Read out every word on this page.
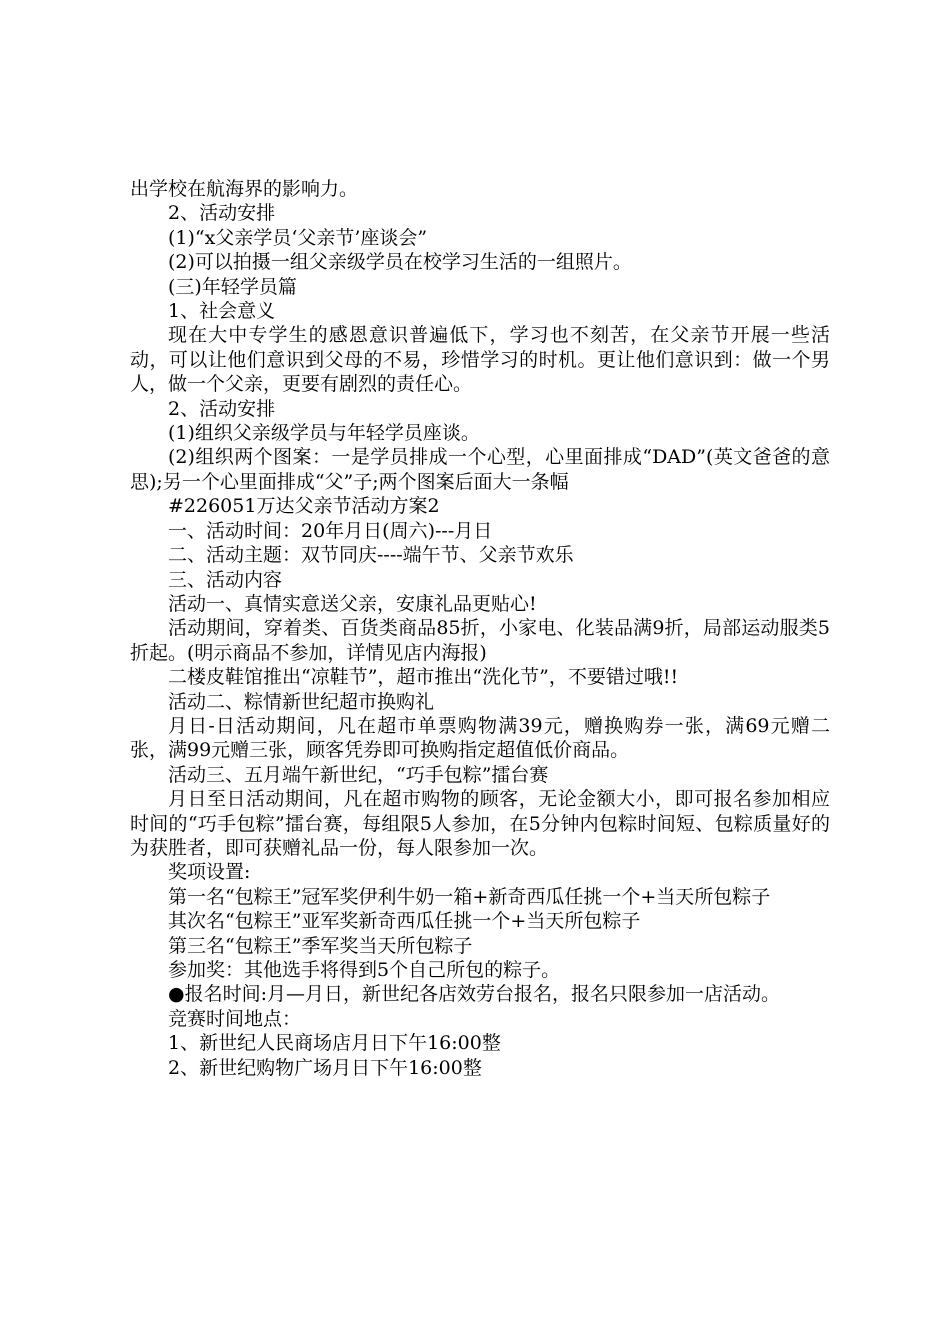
出学校在航海界的影响力。

2、活动安排

(1)“x父亲学员‘父亲节’座谈会”

(2)可以拍摄一组父亲级学员在校学习生活的一组照片。

(三)年轻学员篇

1、社会意义

现在大中专学生的感恩意识普遍低下，学习也不刻苦，在父亲节开展一些活动，可以让他们意识到父母的不易，珍惜学习的时机。更让他们意识到：做一个男人，做一个父亲，更要有剧烈的责任心。

2、活动安排

(1)组织父亲级学员与年轻学员座谈。

(2)组织两个图案：一是学员排成一个心型，心里面排成“DAD”(英文爸爸的意思);另一个心里面排成“父”子;两个图案后面大一条幅

#226051万达父亲节活动方案2

一、活动时间：20年月日(周六)---月日

二、活动主题：双节同庆----端午节、父亲节欢乐

三、活动内容

活动一、真情实意送父亲，安康礼品更贴心!

活动期间，穿着类、百货类商品85折，小家电、化装品满9折，局部运动服类5折起。(明示商品不参加，详情见店内海报)

二楼皮鞋馆推出“凉鞋节”，超市推出“洗化节”，不要错过哦!!

活动二、粽情新世纪超市换购礼

月日-日活动期间，凡在超市单票购物满39元，赠换购券一张，满69元赠二张，满99元赠三张，顾客凭券即可换购指定超值低价商品。

活动三、五月端午新世纪，“巧手包粽”擂台赛

月日至日活动期间，凡在超市购物的顾客，无论金额大小，即可报名参加相应时间的“巧手包粽”擂台赛，每组限5人参加，在5分钟内包粽时间短、包粽质量好的为获胜者，即可获赠礼品一份，每人限参加一次。

奖项设置:

第一名“包粽王”冠军奖伊利牛奶一箱+新奇西瓜任挑一个+当天所包粽子

其次名“包粽王”亚军奖新奇西瓜任挑一个+当天所包粽子

第三名“包粽王”季军奖当天所包粽子

参加奖：其他选手将得到5个自己所包的粽子。

●报名时间:月—月日，新世纪各店效劳台报名，报名只限参加一店活动。

竞赛时间地点：

1、新世纪人民商场店月日下午16:00整

2、新世纪购物广场月日下午16:00整
